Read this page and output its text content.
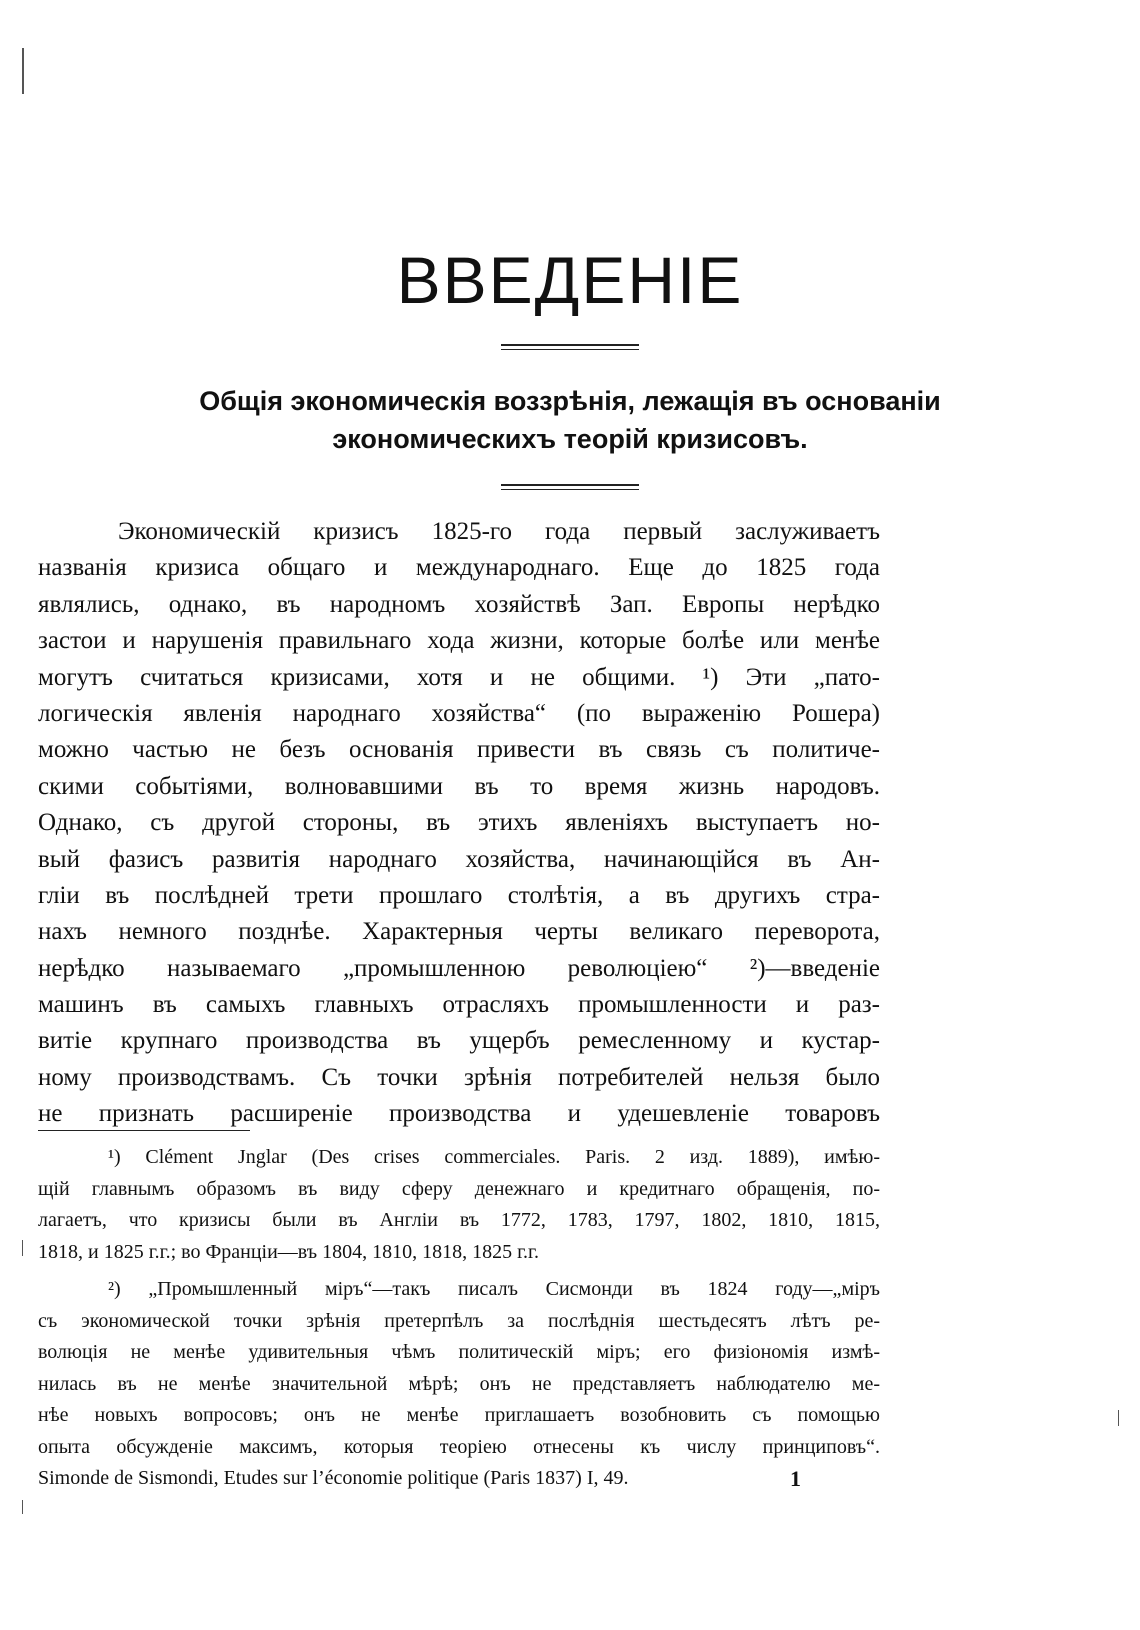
ВВЕДЕНІЕ
Общія экономическія воззрѣнія, лежащія въ основаніи
экономическихъ теорій кризисовъ.
Экономическій кризисъ 1825-го года первый заслуживаетъ
названія кризиса общаго и международнаго. Еще до 1825 года
являлись, однако, въ народномъ хозяйствѣ Зап. Европы нерѣдко
застои и нарушенія правильнаго хода жизни, которые болѣе или менѣе
могутъ считаться кризисами, хотя и не общими. ¹) Эти „пато-
логическія явленія народнаго хозяйства“ (по выраженію Рошера)
можно частью не безъ основанія привести въ связь съ политиче-
скими событіями, волновавшими въ то время жизнь народовъ.
Однако, съ другой стороны, въ этихъ явленіяхъ выступаетъ но-
вый фазисъ развитія народнаго хозяйства, начинающійся въ Ан-
гліи въ послѣдней трети прошлаго столѣтія, а въ другихъ стра-
нахъ немного позднѣе. Характерныя черты великаго переворота,
нерѣдко называемаго „промышленною революціею“ ²)—введеніе
машинъ въ самыхъ главныхъ отрасляхъ промышленности и раз-
витіе крупнаго производства въ ущербъ ремесленному и кустар-
ному производствамъ. Съ точки зрѣнія потребителей нельзя было
не признать расширеніе производства и удешевленіе товаровъ
¹) Clément Jnglar (Des crises commerciales. Paris. 2 изд. 1889), имѣю-
щій главнымъ образомъ въ виду сферу денежнаго и кредитнаго обращенія, по-
лагаетъ, что кризисы были въ Англіи въ 1772, 1783, 1797, 1802, 1810, 1815,
1818, и 1825 г.г.; во Франціи—въ 1804, 1810, 1818, 1825 г.г.
²) „Промышленный міръ“—такъ писалъ Сисмонди въ 1824 году—„міръ
съ экономической точки зрѣнія претерпѣлъ за послѣднія шестьдесятъ лѣтъ ре-
волюція не менѣе удивительныя чѣмъ политическій міръ; его физіономія измѣ-
нилась въ не менѣе значительной мѣрѣ; онъ не представляетъ наблюдателю ме-
нѣе новыхъ вопросовъ; онъ не менѣе приглашаетъ возобновить съ помощью
опыта обсужденіе максимъ, которыя теоріею отнесены къ числу принциповъ“.
Simonde de Sismondi, Etudes sur l’économie politique (Paris 1837) I, 49.	1
